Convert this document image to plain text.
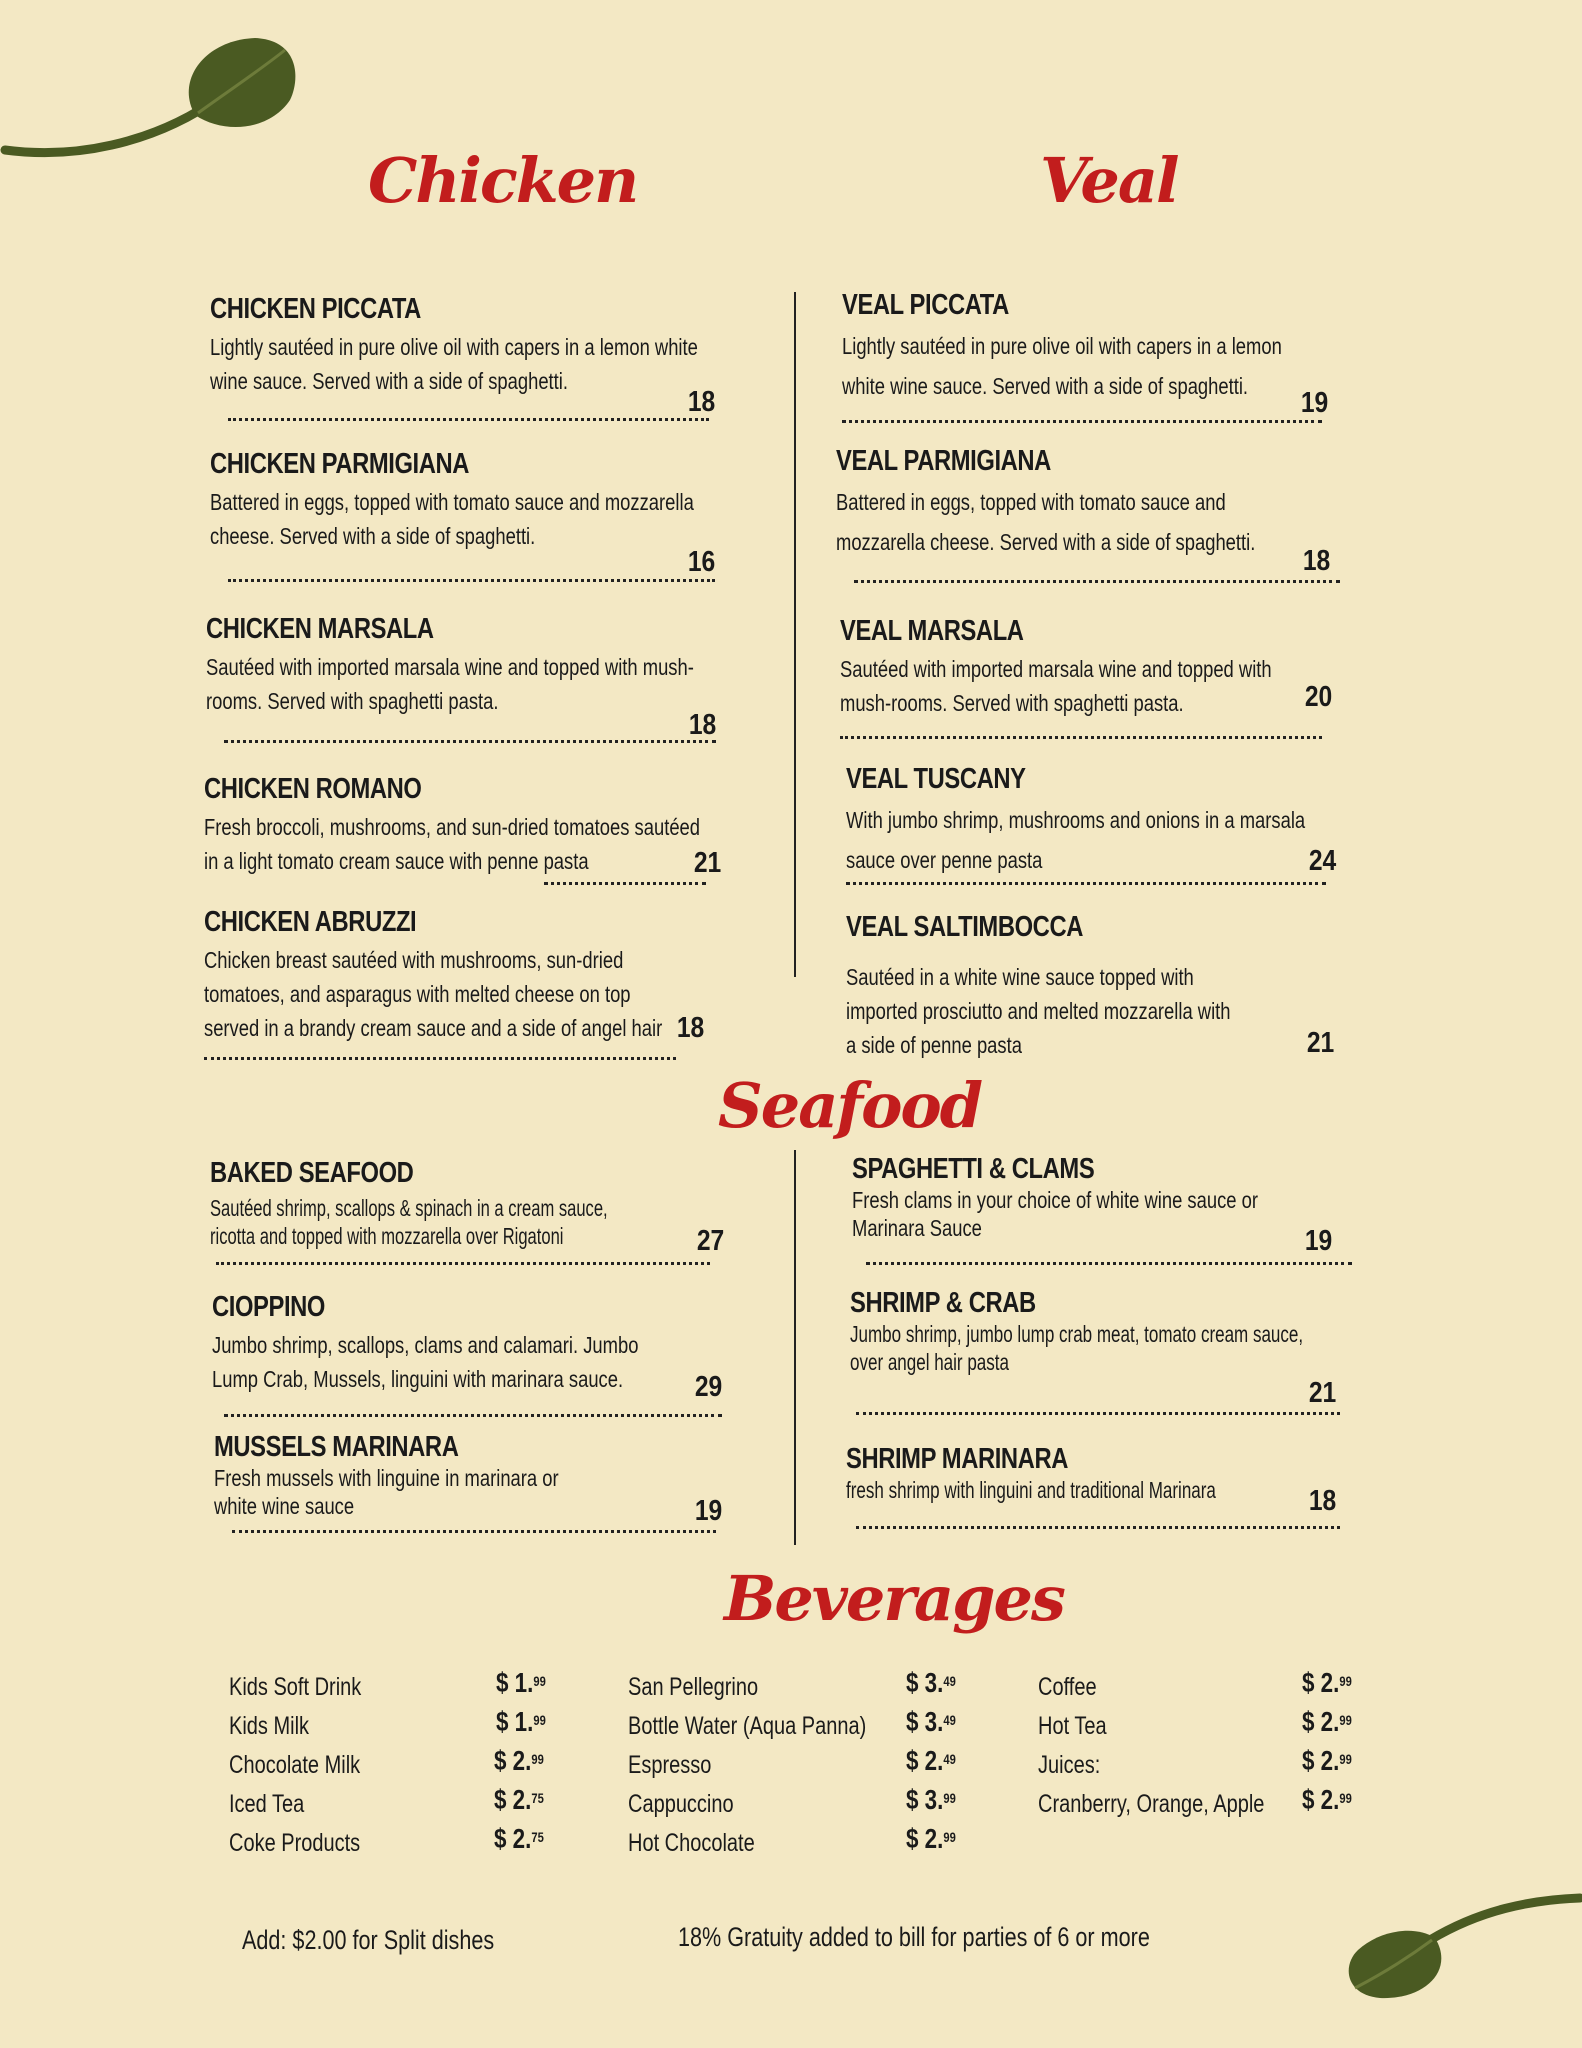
Chicken	Veal
Seafood
Beverages
CHICKEN PICCATA
Lightly sautéed in pure olive oil with capers in a lemon white
wine sauce. Served with a side of spaghetti.
18
CHICKEN PARMIGIANA
Battered in eggs, topped with tomato sauce and mozzarella
cheese. Served with a side of spaghetti.
16
CHICKEN MARSALA
Sautéed with imported marsala wine and topped with mush-
rooms. Served with spaghetti pasta.
18
CHICKEN ROMANO
Fresh broccoli, mushrooms, and sun-dried tomatoes sautéed
in a light tomato cream sauce with penne pasta	21
CHICKEN ABRUZZI
Chicken breast sautéed with mushrooms, sun-dried
tomatoes, and asparagus with melted cheese on top
served in a brandy cream sauce and a side of angel hair 18
VEAL PICCATA
Lightly sautéed in pure olive oil with capers in a lemon
white wine sauce. Served with a side of spaghetti.
19
VEAL PARMIGIANA
Battered in eggs, topped with tomato sauce and
mozzarella cheese. Served with a side of spaghetti.
18
VEAL MARSALA
Sautéed with imported marsala wine and topped with
mush-rooms. Served with spaghetti pasta.	20
VEAL TUSCANY
With jumbo shrimp, mushrooms and onions in a marsala
sauce over penne pasta	24
VEAL SALTIMBOCCA
Sautéed in a white wine sauce topped with
imported prosciutto and melted mozzarella with
a side of penne pasta	21
BAKED SEAFOOD
Sautéed shrimp, scallops & spinach in a cream sauce,
ricotta and topped with mozzarella over Rigatoni	27
CIOPPINO
Jumbo shrimp, scallops, clams and calamari. Jumbo
Lump Crab, Mussels, linguini with marinara sauce. 29
MUSSELS MARINARA
Fresh mussels with linguine in marinara or
white wine sauce	19
SPAGHETTI & CLAMS
Fresh clams in your choice of white wine sauce or
Marinara Sauce	19
SHRIMP & CRAB
Jumbo shrimp, jumbo lump crab meat, tomato cream sauce,
over angel hair pasta
21
SHRIMP MARINARA
fresh shrimp with linguini and traditional Marinara	18
Kids Soft Drink	$ 1.99
Kids Milk	$ 1.99
Chocolate Milk	$ 2.99
Iced Tea	$ 2.75
Coke Products	$ 2.75
San Pellegrino	$ 3.49
Bottle Water (Aqua Panna) $ 3.49
Espresso	$ 2.49
Cappuccino	$ 3.99
Hot Chocolate	$ 2.99
Coffee	$ 2.99
Hot Tea	$ 2.99
Juices:	$ 2.99
Cranberry, Orange, Apple $ 2.99
Add: $2.00 for Split dishes	18% Gratuity added to bill for parties of 6 or more
